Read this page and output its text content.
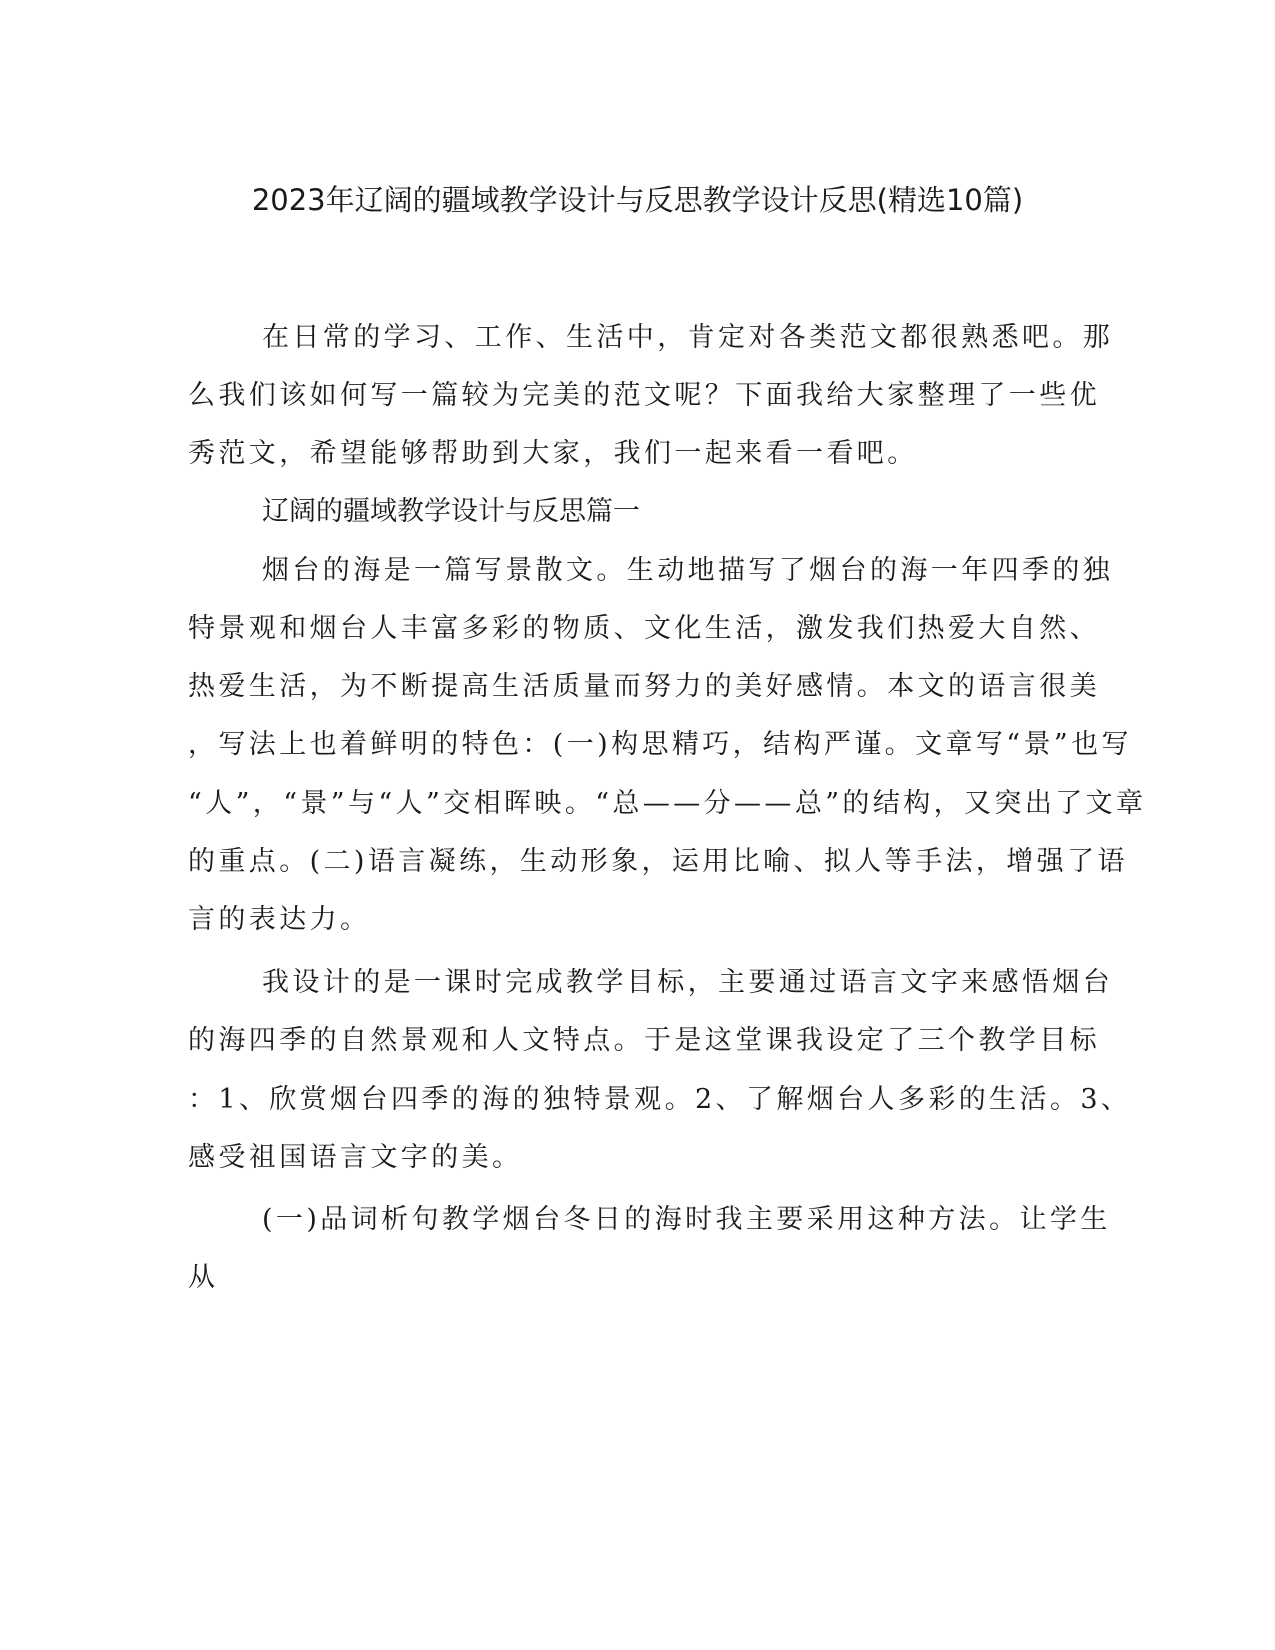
2023年辽阔的疆域教学设计与反思教学设计反思(精选10篇)
在日常的学习、工作、生活中，肯定对各类范文都很熟悉吧。那
么我们该如何写一篇较为完美的范文呢？下面我给大家整理了一些优
秀范文，希望能够帮助到大家，我们一起来看一看吧。
辽阔的疆域教学设计与反思篇一
烟台的海是一篇写景散文。生动地描写了烟台的海一年四季的独
特景观和烟台人丰富多彩的物质、文化生活，激发我们热爱大自然、
热爱生活，为不断提高生活质量而努力的美好感情。本文的语言很美
，写法上也着鲜明的特色：(一)构思精巧，结构严谨。文章写“景”也写
“人”，“景”与“人”交相晖映。“总——分——总”的结构，又突出了文章
的重点。(二)语言凝练，生动形象，运用比喻、拟人等手法，增强了语
言的表达力。
我设计的是一课时完成教学目标，主要通过语言文字来感悟烟台
的海四季的自然景观和人文特点。于是这堂课我设定了三个教学目标
：1、欣赏烟台四季的海的独特景观。2、了解烟台人多彩的生活。3、
感受祖国语言文字的美。
(一)品词析句教学烟台冬日的海时我主要采用这种方法。让学生
从
